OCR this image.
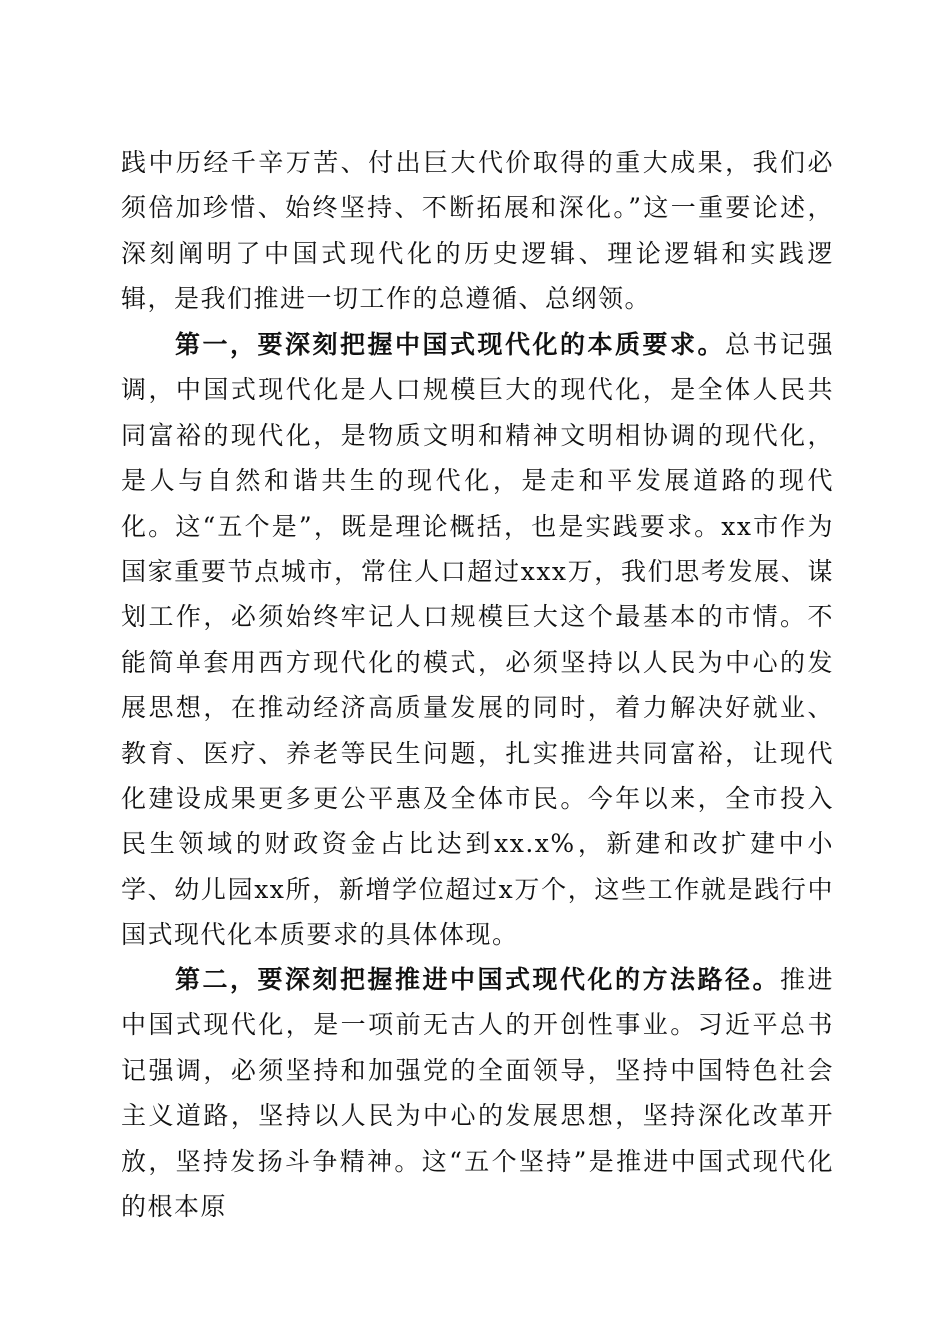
践中历经千辛万苦、付出巨大代价取得的重大成果，我们必须倍加珍惜、始终坚持、不断拓展和深化。”这一重要论述，深刻阐明了中国式现代化的历史逻辑、理论逻辑和实践逻辑，是我们推进一切工作的总遵循、总纲领。

第一，要深刻把握中国式现代化的本质要求。总书记强调，中国式现代化是人口规模巨大的现代化，是全体人民共同富裕的现代化，是物质文明和精神文明相协调的现代化，是人与自然和谐共生的现代化，是走和平发展道路的现代化。这“五个是”，既是理论概括，也是实践要求。xx市作为国家重要节点城市，常住人口超过xxx万，我们思考发展、谋划工作，必须始终牢记人口规模巨大这个最基本的市情。不能简单套用西方现代化的模式，必须坚持以人民为中心的发展思想，在推动经济高质量发展的同时，着力解决好就业、教育、医疗、养老等民生问题，扎实推进共同富裕，让现代化建设成果更多更公平惠及全体市民。今年以来，全市投入民生领域的财政资金占比达到xx.x%，新建和改扩建中小学、幼儿园xx所，新增学位超过x万个，这些工作就是践行中国式现代化本质要求的具体体现。

第二，要深刻把握推进中国式现代化的方法路径。推进中国式现代化，是一项前无古人的开创性事业。习近平总书记强调，必须坚持和加强党的全面领导，坚持中国特色社会主义道路，坚持以人民为中心的发展思想，坚持深化改革开放，坚持发扬斗争精神。这“五个坚持”是推进中国式现代化的根本原
